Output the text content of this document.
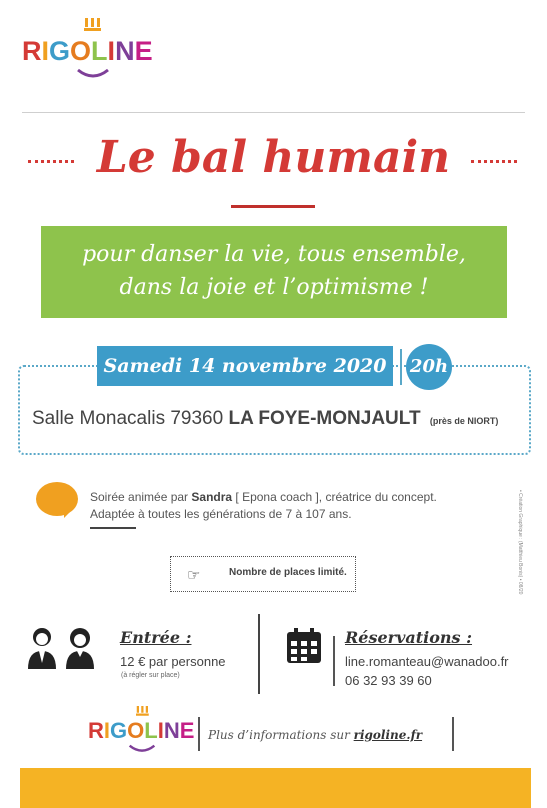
RIGOLINE
Le bal humain
pour danser la vie, tous ensemble,
dans la joie et l’optimisme !
Samedi 14 novembre 2020	20h
Salle Monacalis 79360 LA FOYE-MONJAULT (près de NIORT)
Soirée animée par Sandra [ Epona coach ], créatrice du concept.
Adaptée à toutes les générations de 7 à 107 ans.	• Création Graphique : (Matthieu Bonis) • 08/20
☞	Nombre de places limité.
Entrée :
12 € par personne
(à régler sur place)
Réservations :
line.romanteau@wanadoo.fr
06 32 93 39 60
RIGOLINE Plus d’informations sur rigoline.fr
